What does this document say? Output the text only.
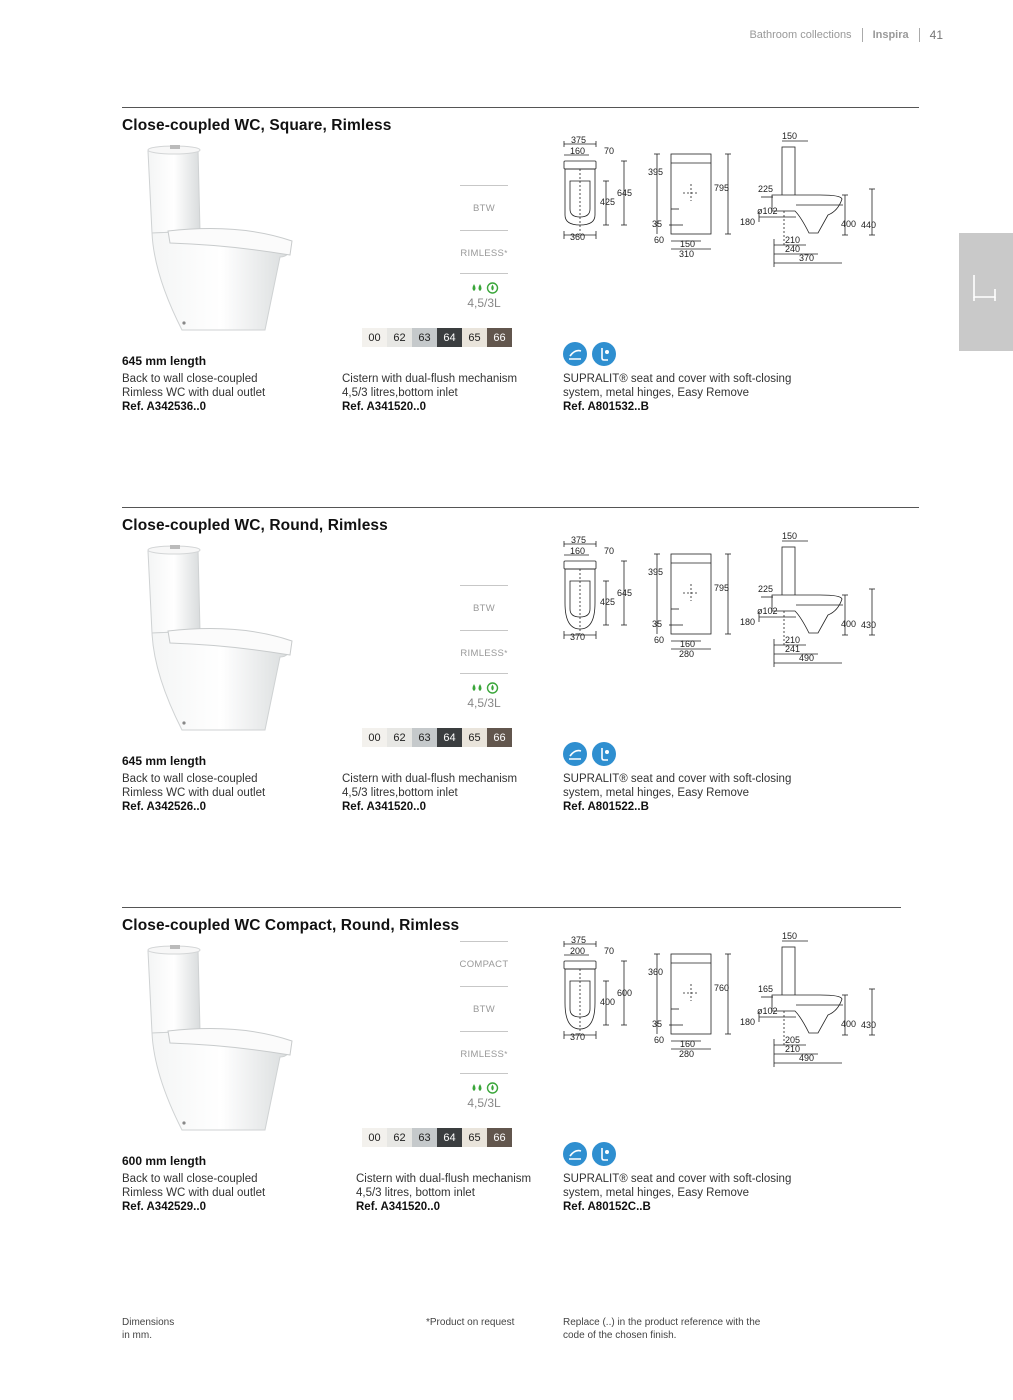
Bathroom collections Inspira 41
Close-coupled WC, Square, Rimless
BTW
RIMLESS *
4,5/3L
00	62	63	64	65	66
375
160 70
645
425
360
395
795
35
60 150
310
150
225
ø102
180	400 440
210
240
370
645 mm length
Back to wall close-coupled
Rimless WC with dual outlet
Ref. A342536..0
Cistern with dual-flush mechanism
4,5/3 litres,bottom inlet
Ref. A341520..0
SUPRALIT® seat and cover with soft-closing
system, metal hinges, Easy Remove
Ref. A801532..B
Close-coupled WC, Round, Rimless
BTW
RIMLESS *
4,5/3L
00	62	63	64	65	66
375
160 70
645
425
370
395
795
35
60 160
280
150
225
ø102
180	400 430
210
241
490
645 mm length
Back to wall close-coupled
Rimless WC with dual outlet
Ref. A342526..0
Cistern with dual-flush mechanism
4,5/3 litres,bottom inlet
Ref. A341520..0
SUPRALIT® seat and cover with soft-closing
system, metal hinges, Easy Remove
Ref. A801522..B
Close-coupled WC Compact, Round, Rimless
COMPACT
BTW
RIMLESS *
4,5/3L
00	62	63	64	65	66
375
200 70
600
400
370
360
760
35
60 160
280
150
165
ø102
180	400 430
205
210
490
600 mm length
Back to wall close-coupled
Rimless WC with dual outlet
Ref. A342529..0
Cistern with dual-flush mechanism
4,5/3 litres, bottom inlet
Ref. A341520..0
SUPRALIT® seat and cover with soft-closing
system, metal hinges, Easy Remove
Ref. A80152C..B
Dimensions
in mm.
*Product on request	Replace (..) in the product reference with the
code of the chosen finish.
